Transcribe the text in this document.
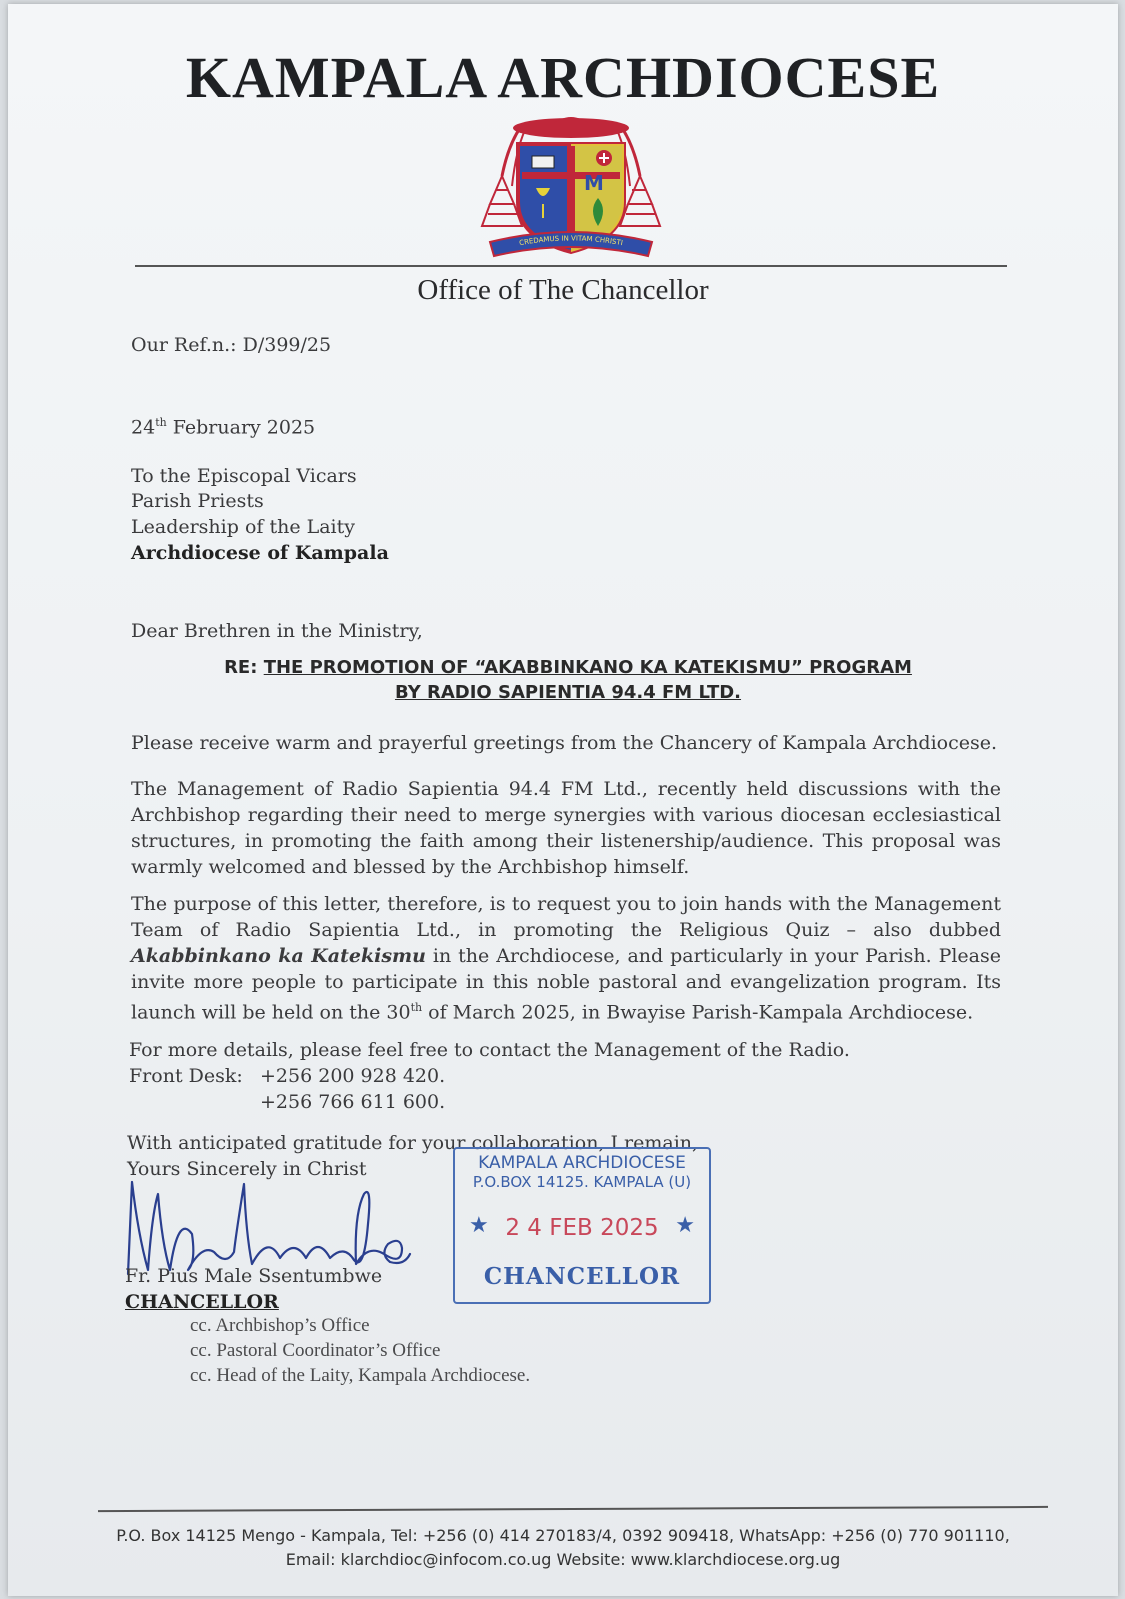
KAMPALA ARCHDIOCESE
M
CREDAMUS IN VITAM CHRISTI
Office of The Chancellor
Our Ref.n.: D/399/25
24th February 2025
To the Episcopal Vicars
Parish Priests
Leadership of the Laity
Archdiocese of Kampala
Dear Brethren in the Ministry,
RE: THE PROMOTION OF “AKABBINKANO KA KATEKISMU” PROGRAM
BY RADIO SAPIENTIA 94.4 FM LTD.
Please receive warm and prayerful greetings from the Chancery of Kampala Archdiocese.
The Management of Radio Sapientia 94.4 FM Ltd., recently held discussions with the Archbishop regarding their need to merge synergies with various diocesan ecclesiastical structures, in promoting the faith among their listenership/audience. This proposal was warmly welcomed and blessed by the Archbishop himself.
The purpose of this letter, therefore, is to request you to join hands with the Management Team of Radio Sapientia Ltd., in promoting the Religious Quiz – also dubbed Akabbinkano ka Katekismu in the Archdiocese, and particularly in your Parish. Please invite more people to participate in this noble pastoral and evangelization program. Its launch will be held on the 30th of March 2025, in Bwayise Parish-Kampala Archdiocese.
For more details, please feel free to contact the Management of the Radio.
Front Desk: +256 200 928 420.
+256 766 611 600.
With anticipated gratitude for your collaboration, I remain,
Yours Sincerely in Christ
Fr. Pius Male Ssentumbwe
CHANCELLOR
KAMPALA ARCHDIOCESE
P.O.BOX 14125. KAMPALA (U)
★ 2 4 FEB 2025 ★
CHANCELLOR
cc. Archbishop’s Office
cc. Pastoral Coordinator’s Office
cc. Head of the Laity, Kampala Archdiocese.
P.O. Box 14125 Mengo - Kampala, Tel: +256 (0) 414 270183/4, 0392 909418, WhatsApp: +256 (0) 770 901110,
Email: klarchdioc@infocom.co.ug Website: www.klarchdiocese.org.ug
